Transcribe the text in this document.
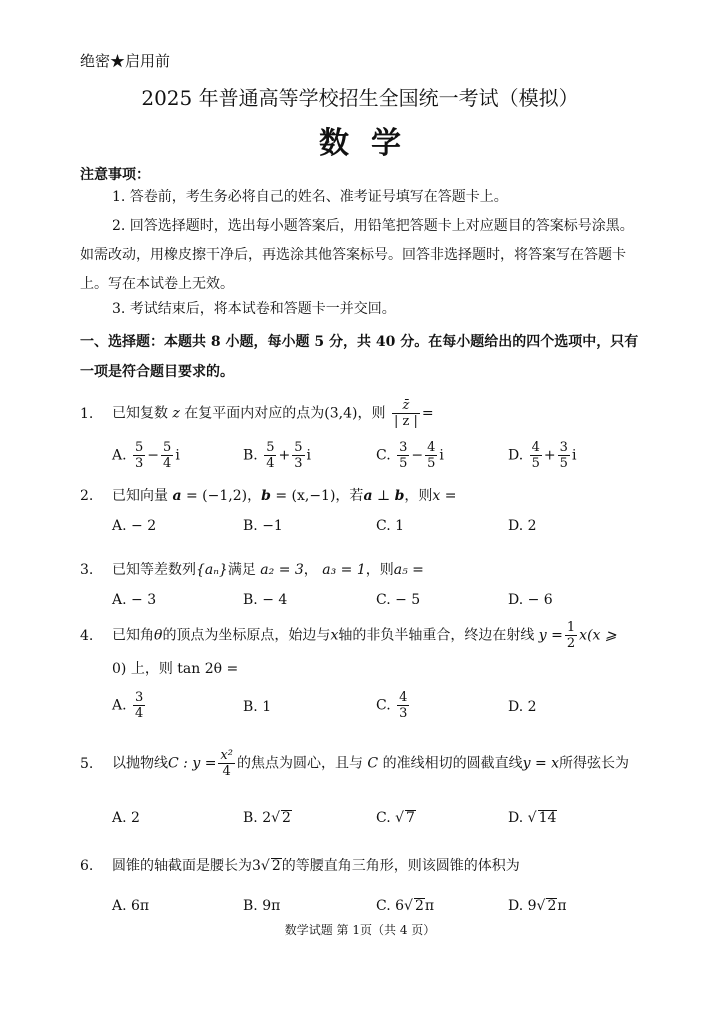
绝密★启用前
2025 年普通高等学校招生全国统一考试（模拟）
数学
注意事项：
1. 答卷前，考生务必将自己的姓名、准考证号填写在答题卡上。
2. 回答选择题时，选出每小题答案后，用铅笔把答题卡上对应题目的答案标号涂黑。如需改动，用橡皮擦干净后，再选涂其他答案标号。回答非选择题时，将答案写在答题卡上。写在本试卷上无效。
3. 考试结束后，将本试卷和答题卡一并交回。
一、选择题：本题共 8 小题，每小题 5 分，共 40 分。在每小题给出的四个选项中，只有一项是符合题目要求的。
1. 已知复数 z 在复平面内对应的点为(3,4)，则 $\frac{z̄}{| z |}$ =
A. $\frac{5}{3} - \frac{5}{4}$ i	B. $\frac{5}{4} + \frac{5}{3}$ i	C. $\frac{3}{5} - \frac{4}{5}$ i	D. $\frac{4}{5} + \frac{3}{5}$ i
2. 已知向量 a = (−1,2)，b = (x,−1)，若a ⊥ b，则x =
A. − 2	B. −1	C. 1	D. 2
3. 已知等差数列{aₙ}满足 a₂ = 3， a₃ = 1，则a₅ =
A. − 3	B. − 4	C. − 5	D. − 6
4. 已知角θ的顶点为坐标原点，始边与x轴的非负半轴重合，终边在射线 $y = \frac{1}{2} x(x$ ⩾
0) 上，则 tan 2θ =
A. $\frac{3}{4}$	B. 1	C. $\frac{4}{3}$	D. 2
5. 以抛物线C : $y = \frac{\text{x²}}{4}$ 的焦点为圆心，且与 C 的准线相切的圆截直线y = x所得弦长为
A. 2	B. 2√ 2	C. √ 7	D. √ 14
6. 圆锥的轴截面是腰长为3√ 2的等腰直角三角形，则该圆锥的体积为
A. 6π	B. 9π	C. 6√ 2π	D. 9√ 2π
数学试题 第 1页（共 4 页）
